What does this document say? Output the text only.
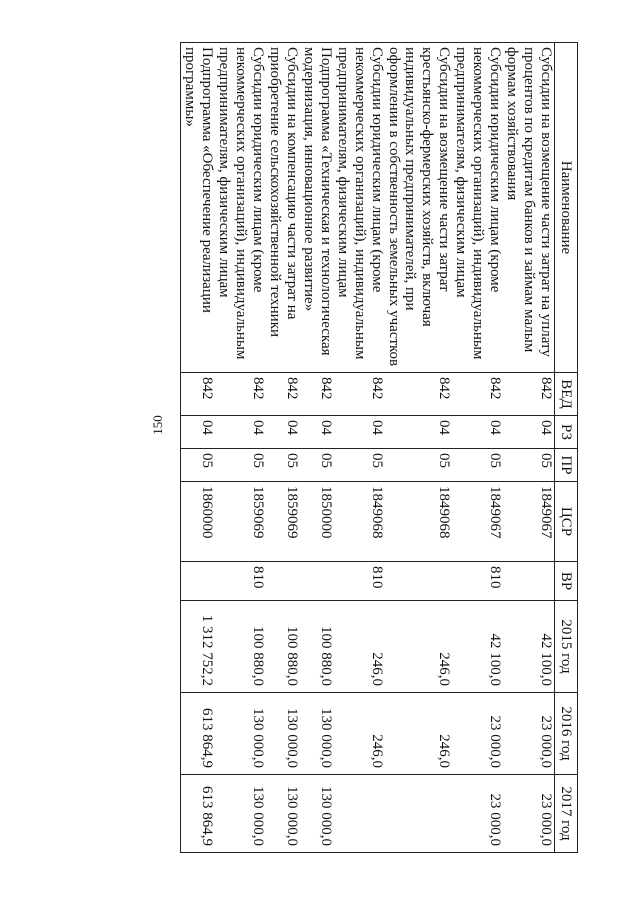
150
Наименование	ВЕД	РЗ	ПР	ЦСР	ВР	2015 год	2016 год	2017 год
Субсидии на возмещение части затрат на уплату процентов по кредитам банков и займам малым формам хозяйствования	842	04	05	1849067		42 100,0	23 000,0	23 000,0
Субсидии юридическим лицам (кроме некоммерческих организаций), индивидуальным предпринимателям, физическим лицам	842	04	05	1849067	810	42 100,0	23 000,0	23 000,0
Субсидии на возмещение части затрат крестьянско-фермерских хозяйств, включая индивидуальных предпринимателей, при оформлении в собственность земельных участков	842	04	05	1849068		246,0	246,0	
Субсидии юридическим лицам (кроме некоммерческих организаций), индивидуальным предпринимателям, физическим лицам	842	04	05	1849068	810	246,0	246,0	
Подпрограмма «Техническая и технологическая модернизация, инновационное развитие»	842	04	05	1850000		100 880,0	130 000,0	130 000,0
Субсидии на компенсацию части затрат на приобретение сельскохозяйственной техники	842	04	05	1859069		100 880,0	130 000,0	130 000,0
Субсидии юридическим лицам (кроме некоммерческих организаций), индивидуальным предпринимателям, физическим лицам	842	04	05	1859069	810	100 880,0	130 000,0	130 000,0
Подпрограмма «Обеспечение реализации программы»	842	04	05	1860000		1 312 752,2	613 864,9	613 864,9
